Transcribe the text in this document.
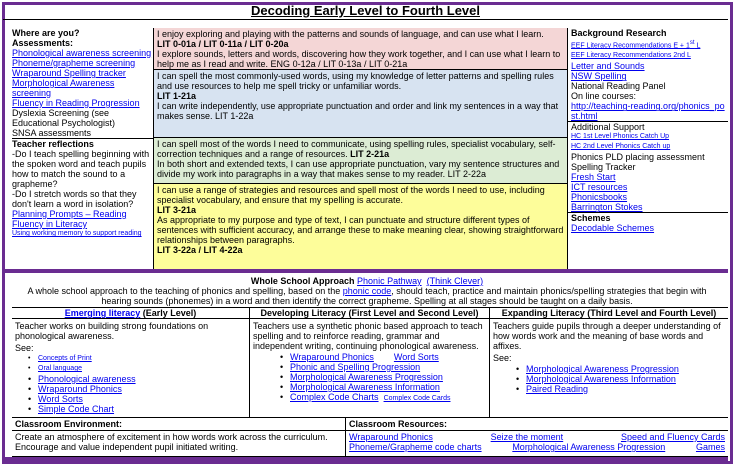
Decoding Early Level to Fourth Level
Where are you?
Assessments:
Phonological awareness screening
Phoneme/grapheme screening
Wraparound Spelling tracker
Morphological Awareness screening
Fluency in Reading Progression
Dyslexia Screening (see Educational Psychologist)
SNSA assessments
Teacher reflections
-Do I teach spelling beginning with the spoken word and teach pupils how to match the sound to a grapheme?
-Do I stretch words so that they don't learn a word in isolation?
Planning Prompts – Reading Fluency in Literacy
Using working memory to support reading
I enjoy exploring and playing with the patterns and sounds of language, and can use what I learn.
LIT 0-01a / LIT 0-11a / LIT 0-20a
I explore sounds, letters and words, discovering how they work together, and I can use what I learn to help me as I read and write. ENG 0-12a / LIT 0-13a / LIT 0-21a
I can spell the most commonly-used words, using my knowledge of letter patterns and spelling rules and use resources to help me spell tricky or unfamiliar words.
LIT 1-21a
I can write independently, use appropriate punctuation and order and link my sentences in a way that makes sense. LIT 1-22a
I can spell most of the words I need to communicate, using spelling rules, specialist vocabulary, self-correction techniques and a range of resources. LIT 2-21a
In both short and extended texts, I can use appropriate punctuation, vary my sentence structures and divide my work into paragraphs in a way that makes sense to my reader. LIT 2-22a
I can use a range of strategies and resources and spell most of the words I need to use, including specialist vocabulary, and ensure that my spelling is accurate.
LIT 3-21a
As appropriate to my purpose and type of text, I can punctuate and structure different types of sentences with sufficient accuracy, and arrange these to make meaning clear, showing straightforward relationships between paragraphs.
LIT 3-22a / LIT 4-22a
Background Research
EEF Literacy Recommendations E + 1st L
EEF Literacy Recommendations 2nd L
Letter and Sounds
NSW Spelling
National Reading Panel
On line courses:
http://teaching-reading.org/phonics_post.html
Additional Support
HC 1st Level Phonics Catch Up
HC 2nd Level Phonics Catch up
Phonics PLD placing assessment
Spelling Tracker
Fresh Start
ICT resources
Phonicsbooks
Barrington Stokes
Schemes
Decodable Schemes
Whole School Approach Phonic Pathway (Think Clever)
A whole school approach to the teaching of phonics and spelling, based on the phonic code, should teach, practice and maintain phonics/spelling strategies that begin with hearing sounds (phonemes) in a word and then identify the correct grapheme. Spelling at all stages should be taught on a daily basis.
Emerging literacy (Early Level)
Teacher works on building strong foundations on phonological awareness.
See:
• Concepts of Print
• Oral language
• Phonological awareness
• Wraparound Phonics
• Word Sorts
• Simple Code Chart
Developing Literacy (First Level and Second Level)
Teachers use a synthetic phonic based approach to teach spelling and to reinforce reading, grammar and independent writing, continuing phonological awareness.
• Wraparound Phonics Word Sorts
• Phonic and Spelling Progression
• Morphological Awareness Progression
• Morphological Awareness Information
• Complex Code Charts Complex Code Cards
Expanding Literacy (Third Level and Fourth Level)
Teachers guide pupils through a deeper understanding of how words work and the meaning of base words and affixes.
See:
• Morphological Awareness Progression
• Morphological Awareness Information
• Paired Reading
Classroom Environment:
Create an atmosphere of excitement in how words work across the curriculum. Encourage and value independent pupil initiated writing.
Classroom Resources:
Wraparound Phonics	Seize the moment	Speed and Fluency Cards
Phoneme/Grapheme code charts	Morphological Awareness Progression	Games
